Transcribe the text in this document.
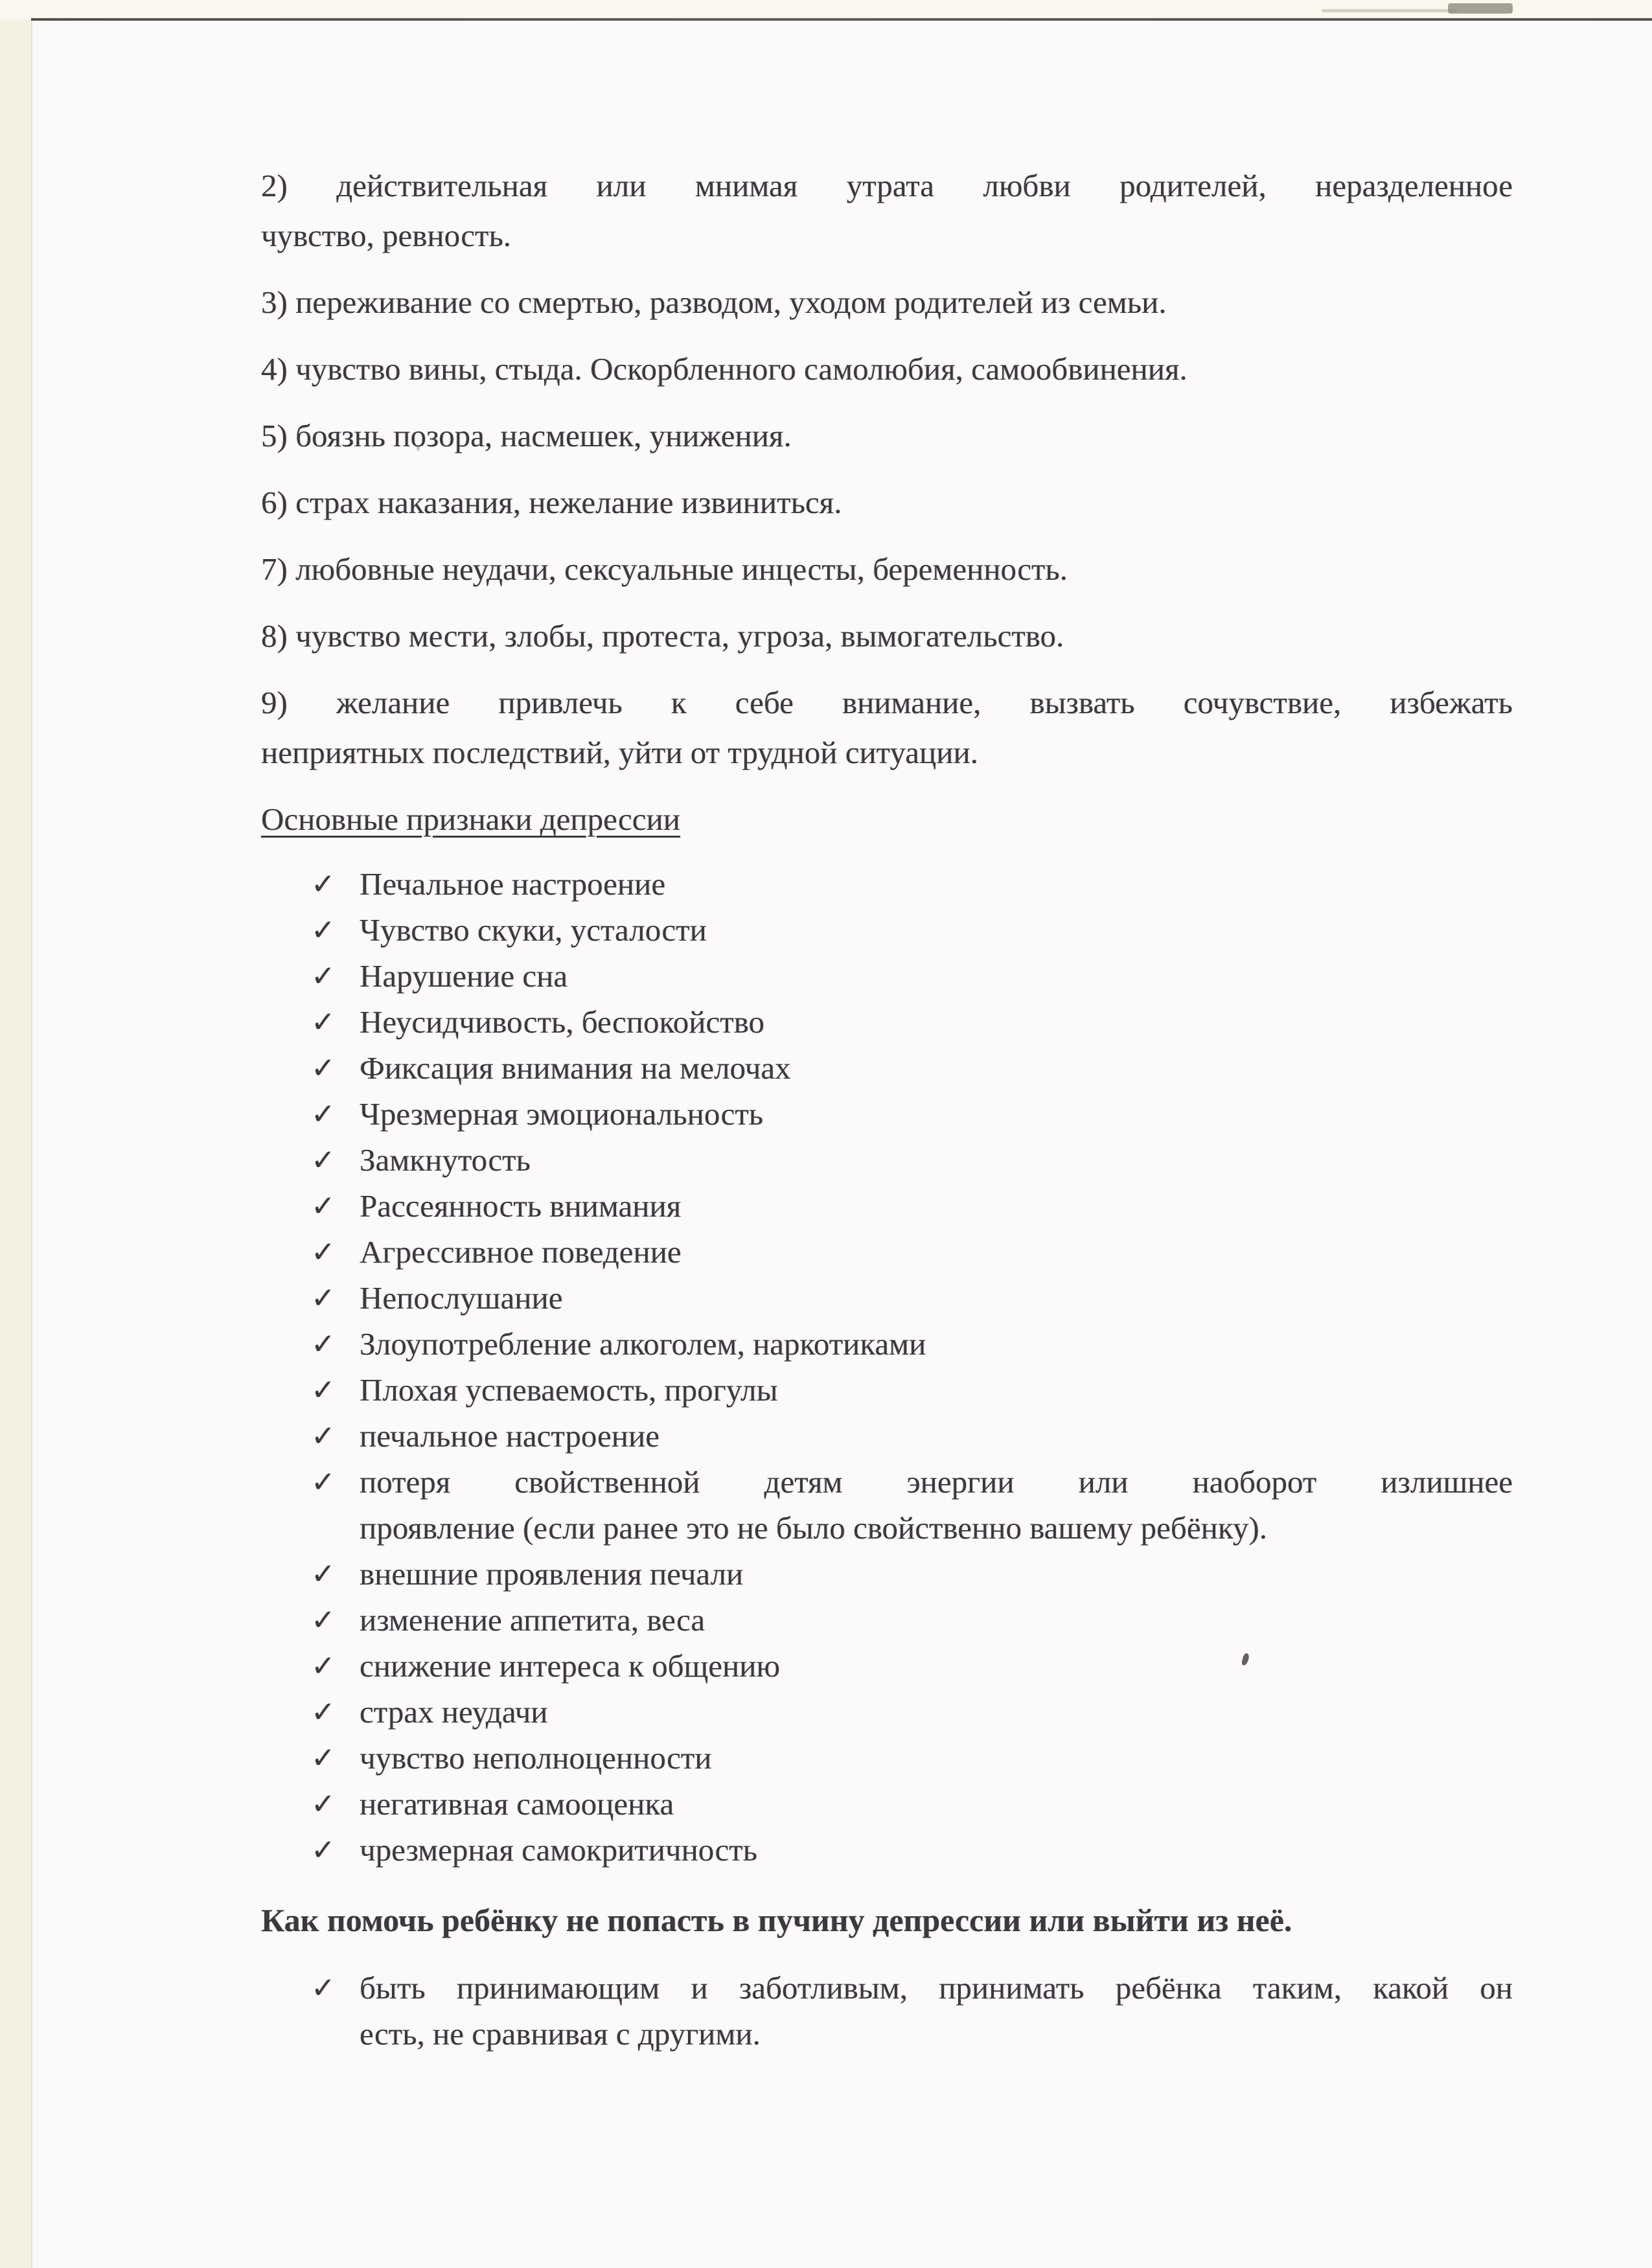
2) действительная или мнимая утрата любви родителей, неразделенное
чувство, ревность.
3) переживание со смертью, разводом, уходом родителей из семьи.
4) чувство вины, стыда. Оскорбленного самолюбия, самообвинения.
5) боязнь позора, насмешек, унижения.
6) страх наказания, нежелание извиниться.
7) любовные неудачи, сексуальные инцесты, беременность.
8) чувство мести, злобы, протеста, угроза, вымогательство.
9) желание привлечь к себе внимание, вызвать сочувствие, избежать
неприятных последствий, уйти от трудной ситуации.
Основные признаки депрессии
✓ Печальное настроение
✓ Чувство скуки, усталости
✓ Нарушение сна
✓ Неусидчивость, беспокойство
✓ Фиксация внимания на мелочах
✓ Чрезмерная эмоциональность
✓ Замкнутость
✓ Рассеянность внимания
✓ Агрессивное поведение
✓ Непослушание
✓ Злоупотребление алкоголем, наркотиками
✓ Плохая успеваемость, прогулы
✓ печальное настроение
✓ потеря свойственной детям энергии или наоборот излишнее
проявление (если ранее это не было свойственно вашему ребёнку).
✓ внешние проявления печали
✓ изменение аппетита, веса
✓ снижение интереса к общению
✓ страх неудачи
✓ чувство неполноценности
✓ негативная самооценка
✓ чрезмерная самокритичность
Как помочь ребёнку не попасть в пучину депрессии или выйти из неё.
✓ быть принимающим и заботливым, принимать ребёнка таким, какой он
есть, не сравнивая с другими.
